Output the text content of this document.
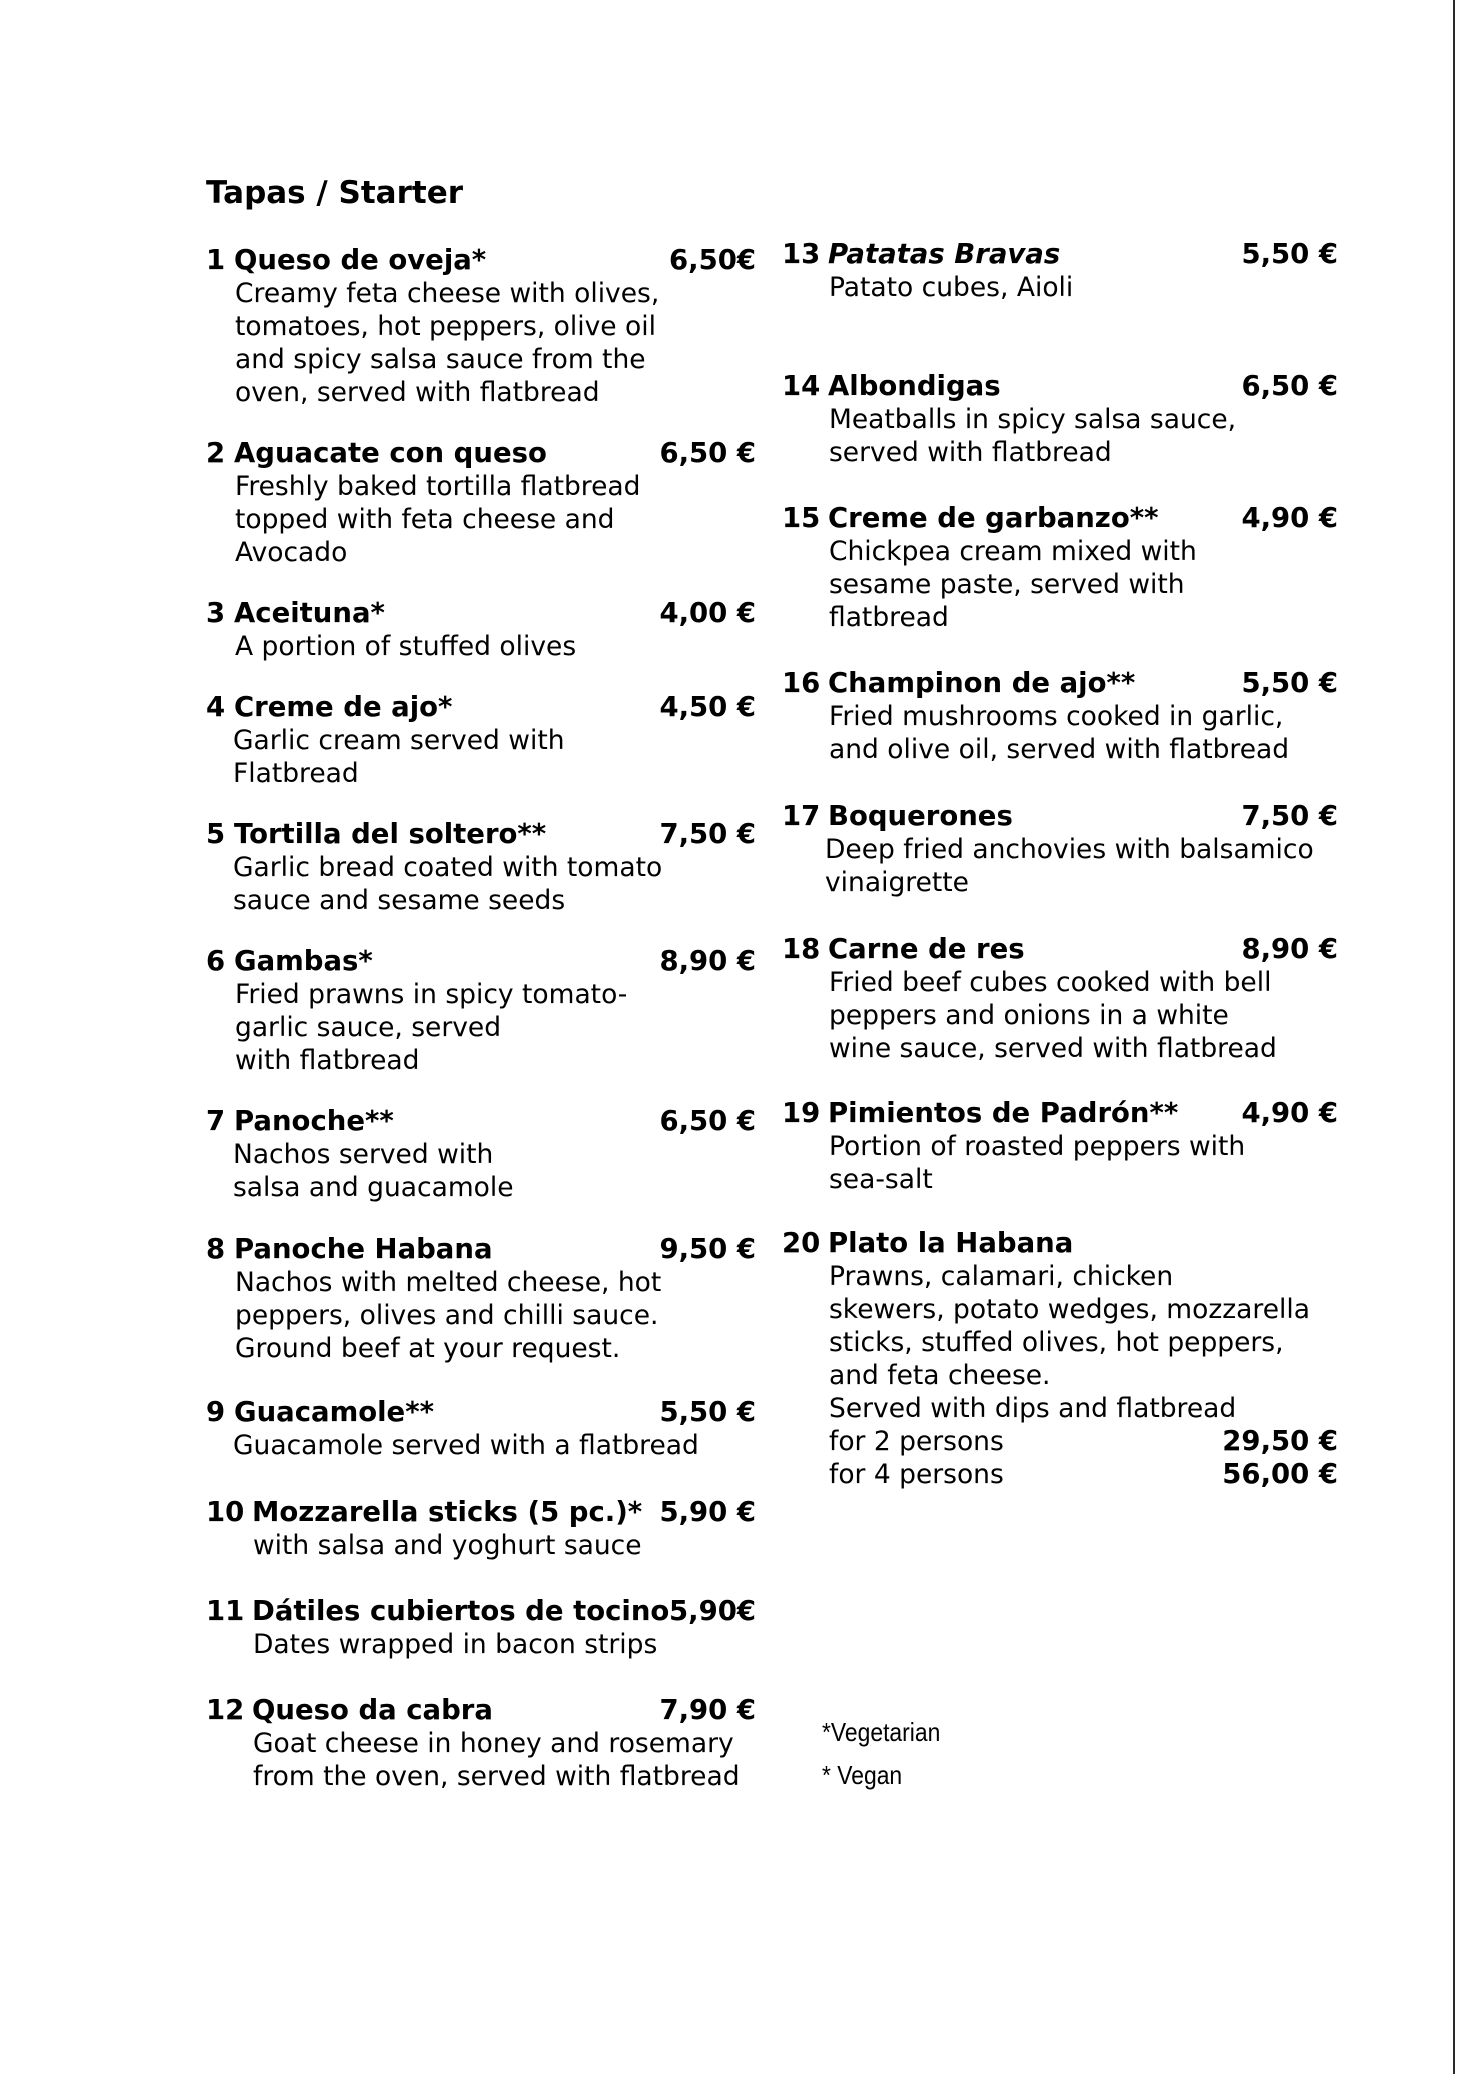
Tapas / Starter
1 Queso de oveja*	6,50€
Creamy feta cheese with olives,
tomatoes, hot peppers, olive oil
and spicy salsa sauce from the
oven, served with flatbread
2 Aguacate con queso	6,50 €
Freshly baked tortilla flatbread
topped with feta cheese and
Avocado
3 Aceituna*	4,00 €
A portion of stuffed olives
4 Creme de ajo*	4,50 €
Garlic cream served with
Flatbread
5 Tortilla del soltero**	7,50 €
Garlic bread coated with tomato
sauce and sesame seeds
6 Gambas*	8,90 €
Fried prawns in spicy tomato-
garlic sauce, served
with flatbread
7 Panoche**	6,50 €
Nachos served with
salsa and guacamole
8 Panoche Habana	9,50 €
Nachos with melted cheese, hot
peppers, olives and chilli sauce.
Ground beef at your request.
9 Guacamole**	5,50 €
Guacamole served with a flatbread
10 Mozzarella sticks (5 pc.)* 5,90 €
with salsa and yoghurt sauce
11 Dátiles cubiertos de tocino 5,90€
Dates wrapped in bacon strips
12 Queso da cabra	7,90 €
Goat cheese in honey and rosemary
from the oven, served with flatbread
13 Patatas Bravas	5,50 €
Patato cubes, Aioli
14 Albondigas	6,50 €
Meatballs in spicy salsa sauce,
served with flatbread
15 Creme de garbanzo**	4,90 €
Chickpea cream mixed with
sesame paste, served with
flatbread
16 Champinon de ajo**	5,50 €
Fried mushrooms cooked in garlic,
and olive oil, served with flatbread
17 Boquerones	7,50 €
Deep fried anchovies with balsamico
vinaigrette
18 Carne de res	8,90 €
Fried beef cubes cooked with bell
peppers and onions in a white
wine sauce, served with flatbread
19 Pimientos de Padrón** 4,90 €
Portion of roasted peppers with
sea-salt
20 Plato la Habana
Prawns, calamari, chicken
skewers, potato wedges, mozzarella
sticks, stuffed olives, hot peppers,
and feta cheese.
Served with dips and flatbread
for 2 persons	29,50 €
for 4 persons	56,00 €
*Vegetarian
* Vegan
